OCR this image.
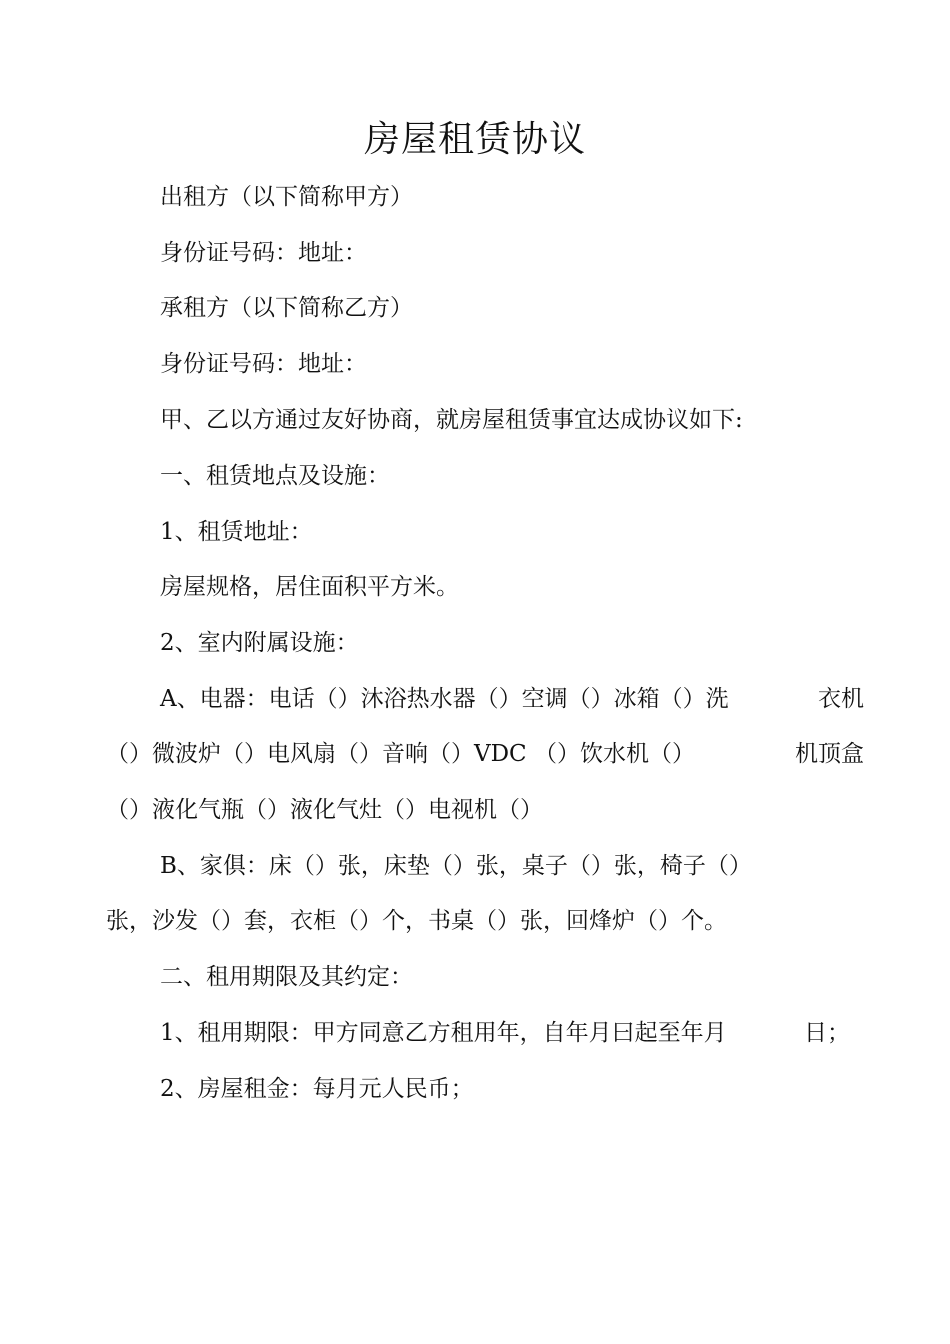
房屋租赁协议
出租方（以下简称甲方）
身份证号码：地址：
承租方（以下简称乙方）
身份证号码：地址：
甲、乙以方通过友好协商，就房屋租赁事宜达成协议如下:
一、租赁地点及设施：
1、租赁地址：
房屋规格，居住面积平方米。
2、室内附属设施：
A、电器：电话（）沐浴热水器（）空调（）冰箱（）洗	衣机
（）微波炉（）电风扇（）音响（）VDC （）饮水机（）	机顶盒
（）液化气瓶（）液化气灶（）电视机（）
B、家俱：床（）张，床垫（）张，桌子（）张，椅子（）
张，沙发（）套，衣柜（）个，书桌（）张，回烽炉（）个。
二、租用期限及其约定：
1、租用期限：甲方同意乙方租用年，自年月曰起至年月	日；
2、房屋租金：每月元人民币；
